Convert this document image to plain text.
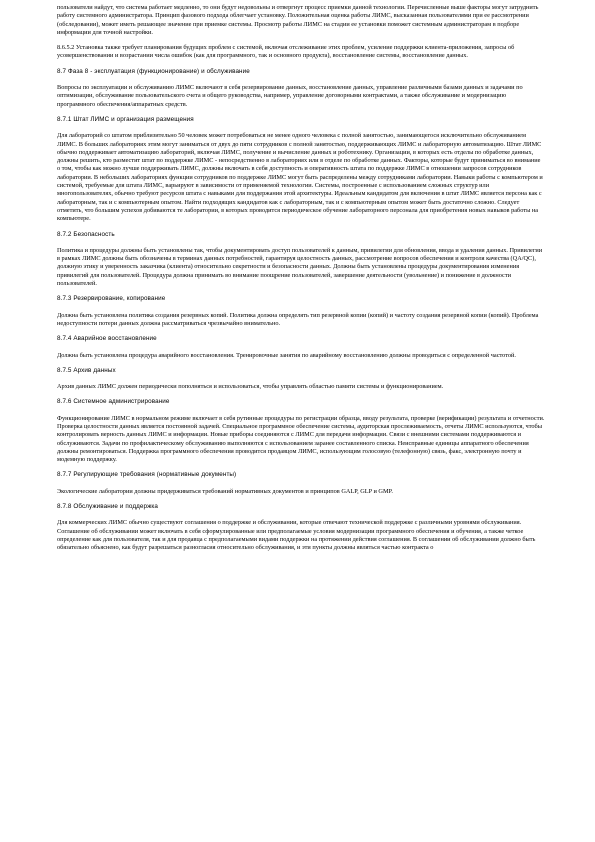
пользователи найдут, что система работает медленно, то они будут недовольны и отвергнут процесс приемки данной технологии. Перечисленные выше факторы могут затруднить работу системного администратора. Принцип фазового подхода облегчает установку. Положительная оценка работы ЛИМС, высказанная пользователями при ее рассмотрении (обследовании), может иметь решающее значение при приемке системы. Просмотр работы ЛИМС на стадии ее установки поможет системным администраторам в подборе информации для точной настройки.

8.6.5.2 Установка также требует планирования будущих проблем с системой, включая отслеживание этих проблем, усиление поддержки клиента-приложения, запросы об усовершенствовании и возрастании числа ошибок (как для программного, так и основного продукта), восстановление системы, восстановление данных.

8.7 Фаза 8 - эксплуатация (функционирование) и обслуживание

Вопросы по эксплуатации и обслуживанию ЛИМС включают в себя резервирование данных, восстановление данных, управление различными базами данных и задачами по оптимизации, обслуживание пользовательского счета и общего руководства, например, управление договорными контрактами, а также обслуживание и модернизацию программного обеспечения/аппаратных средств.

8.7.1 Штат ЛИМС и организация размещения

Для лабораторий со штатом приблизительно 50 человек может потребоваться не менее одного человека с полной занятостью, занимающегося исключительно обслуживанием ЛИМС. В больших лабораториях этим могут заниматься от двух до пяти сотрудников с полной занятостью, поддерживающих ЛИМС и лабораторную автоматизацию. Штат ЛИМС обычно поддерживает автоматизацию лабораторий, включая ЛИМС, получение и вычисление данных и роботехнику. Организации, в которых есть отделы по обработке данных, должны решить, кто разместит штат по поддержке ЛИМС - непосредственно в лабораториях или в отделе по обработке данных. Факторы, которые будут приниматься во внимание о том, чтобы как можно лучше поддерживать ЛИМС, должны включать в себя доступность и оперативность штата по поддержке ЛИМС в отношении запросов сотрудников лаборатории. В небольших лабораториях функции сотрудников по поддержке ЛИМС могут быть распределены между сотрудниками лаборатории. Навыки работы с компьютером и системой, требуемые для штата ЛИМС, варьируют в зависимости от применяемой технологии. Системы, построенные с использованием сложных структур или многопользователях, обычно требуют ресурсов штата с навыками для поддержания этой архитектуры. Идеальным кандидатом для включения в штат ЛИМС является персона как с лабораторным, так и с компьютерным опытом. Найти подходящих кандидатов как с лабораторным, так и с компьютерным опытом может быть достаточно сложно. Следует отметить, что большим успехов добиваются те лаборатории, в которых проводится периодическое обучение лабораторного персонала для приобретения новых навыков работы на компьютере.

8.7.2 Безопасность

Политика и процедуры должны быть установлены так, чтобы документировать доступ пользователей к данным, привилегии для обновления, ввода и удаления данных. Привилегии в рамках ЛИМС должны быть обозначены в терминах данных потребностей, гарантируя целостность данных, рассмотрение вопросов обеспечения и контроля качества (QA/QC), должную этику и уверенность заказчика (клиента) относительно секретности и безопасности данных. Должны быть установлены процедуры документирования изменения привилегий для пользователей. Процедура должна принимать во внимание поощрение пользователей, завершение деятельности (увольнение) и понижение в должности пользователей.

8.7.3 Резервирование, копирование

Должна быть установлена политика создания резервных копий. Политика должна определять тип резервной копии (копий) и частоту создания резервной копии (копий). Проблема недоступности потери данных должна рассматриваться чрезвычайно внимательно.

8.7.4 Аварийное восстановление

Должна быть установлена процедура аварийного восстановления. Тренировочные занятия по аварийному восстановлению должны проводиться с определенной частотой.

8.7.5 Архив данных

Архив данных ЛИМС должен периодически пополняться и использоваться, чтобы управлять областью памяти системы и функционированием.

8.7.6 Системное администрирование

Функционирование ЛИМС в нормальном режиме включает в себя рутинные процедуры по регистрации образца, вводу результата, проверке (верификации) результата и отчетности. Проверка целостности данных является постоянной задачей. Специальное программное обеспечение системы, аудиторская прослеживаемость, отчеты ЛИМС используются, чтобы контролировать верность данных ЛИМС и информации. Новые приборы соединяются с ЛИМС для передачи информации. Связи с внешними системами поддерживаются и обслуживаются. Задачи по профилактическому обслуживанию выполняются с использованием заранее составленного списка. Неисправные единицы аппаратного обеспечения должны ремонтироваться. Поддержка программного обеспечения проводится продавцом ЛИМС, использующим голосовую (телефонную) связь, факс, электронную почту и модемную поддержку.

8.7.7 Регулирующие требования (нормативные документы)

Экологические лаборатории должны придерживаться требований нормативных документов и принципов GALP, GLP и GMP.

8.7.8 Обслуживание и поддержка

Для коммерческих ЛИМС обычно существуют соглашения о поддержке и обслуживании, которые отвечают технической поддержке с различными уровнями обслуживания. Соглашение об обслуживании может включать в себя сформулированные или предполагаемые условия модернизации программного обеспечения и обучения, а также четкое определение как для пользователя, так и для продавца с предполагаемыми видами поддержки на протяжении действия соглашения. В соглашении об обслуживании должно быть обязательно объяснено, как будут разрешаться разногласия относительно обслуживания, и эти пункты должны являться частью контракта о
